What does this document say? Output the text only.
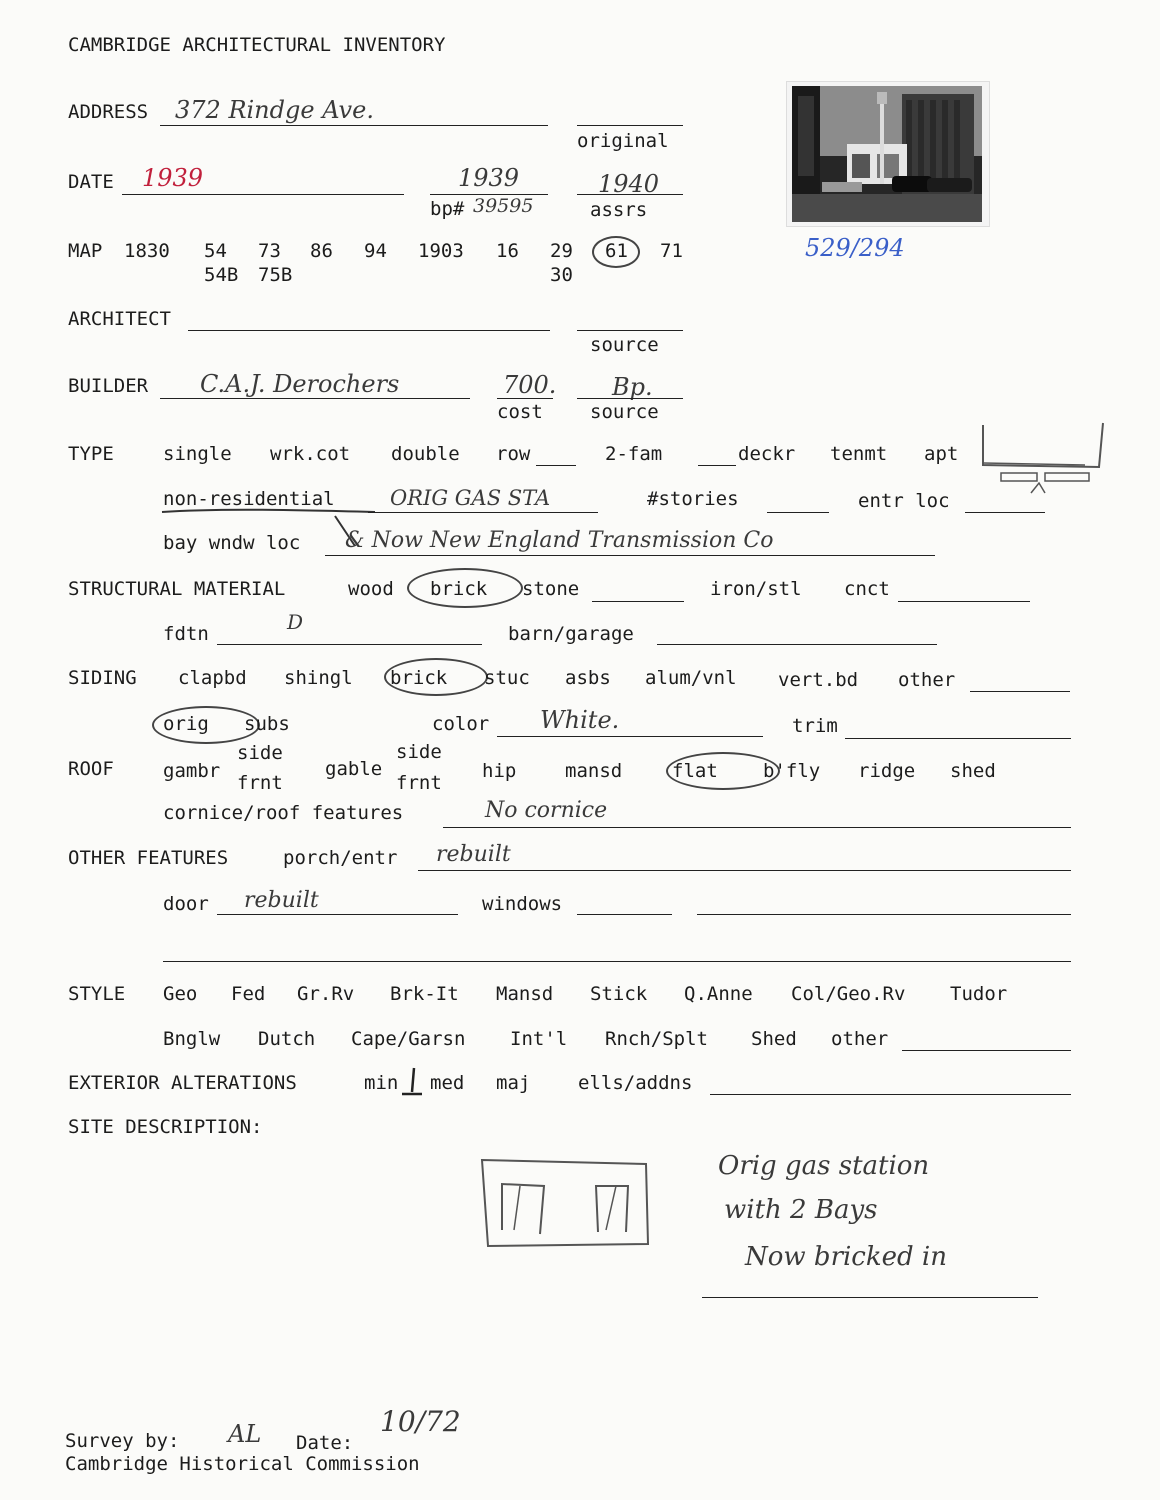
CAMBRIDGE ARCHITECTURAL INVENTORY
ADDRESS 372 Rindge Ave.
original
529/294
DATE 1939	1939
bp# 39595
1940
assrs
MAP 1830 54 73 86 94 1903 16 29 61 71
54B 75B	30
ARCHITECT
source
BUILDER C.A.J. Derochers	700.
cost
Bp.
source
TYPE	single wrk.cot double row	2-fam	deckr tenmt apt
non-residential	ORIG GAS STA	#stories	entr loc
bay wndw loc & Now New England Transmission Co
STRUCTURAL MATERIAL	wood brick stone	iron/stl cnct
fdtn	D	barn/garage
SIDING clapbd shingl brick stuc asbs alum/vnl vert.bd other
orig subs	color White.	trim
ROOF	gambr
side
frnt
gable
side
frnt
hip	mansd	flat b'fly ridge shed
cornice/roof features	No cornice
OTHER FEATURES	porch/entr rebuilt
door rebuilt	windows
STYLE Geo Fed Gr.Rv Brk-It Mansd Stick Q.Anne Col/Geo.Rv Tudor
Bnglw Dutch Cape/Garsn Int'l Rnch/Splt Shed other
EXTERIOR ALTERATIONS	min med maj	ells/addns
SITE DESCRIPTION:
Orig gas station
with 2 Bays
Now bricked in
Survey by: AL Date:
10/72
Cambridge Historical Commission
